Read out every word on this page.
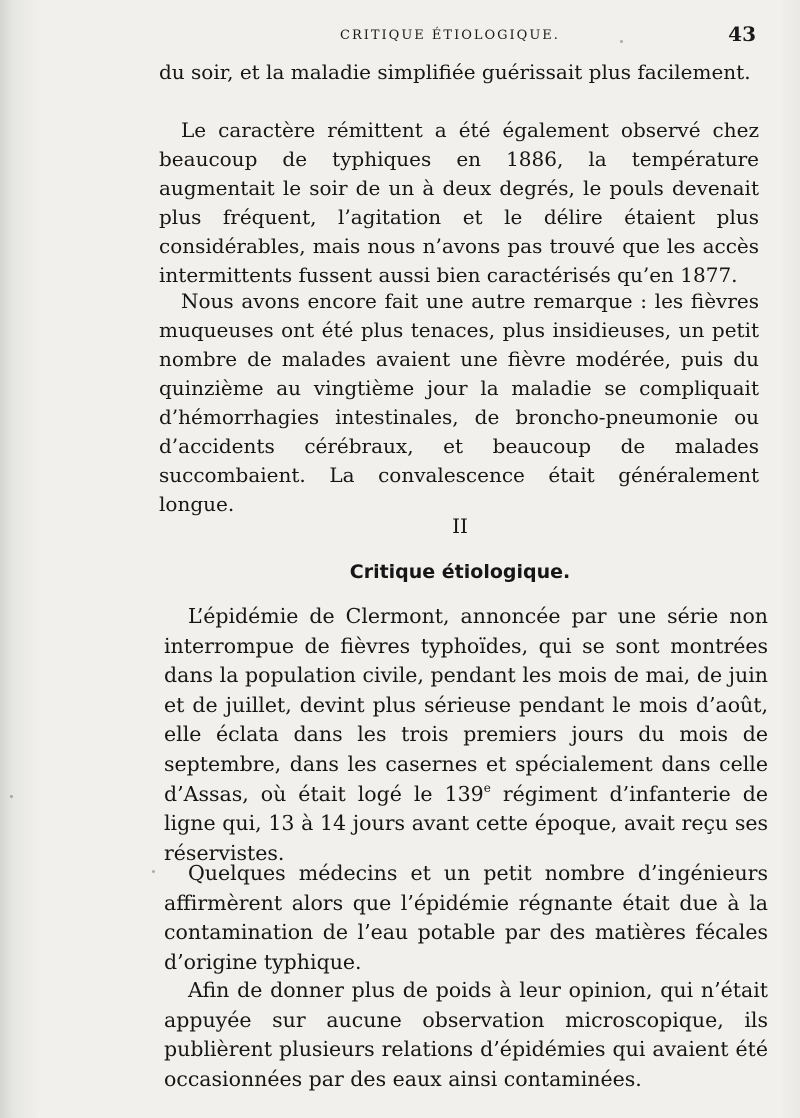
CRITIQUE ÉTIOLOGIQUE.	43

du soir, et la maladie simplifiée guérissait plus facilement.

Le caractère rémittent a été également observé chez beaucoup de typhiques en 1886, la température augmentait le soir de un à deux degrés, le pouls devenait plus fréquent, l’agitation et le délire étaient plus considérables, mais nous n’avons pas trouvé que les accès intermittents fussent aussi bien caractérisés qu’en 1877.

Nous avons encore fait une autre remarque : les fièvres muqueuses ont été plus tenaces, plus insidieuses, un petit nombre de malades avaient une fièvre modérée, puis du quinzième au vingtième jour la maladie se compliquait d’hémorrhagies intestinales, de broncho-pneumonie ou d’accidents cérébraux, et beaucoup de malades succombaient. La convalescence était généralement longue.

II
Critique étiologique.

L’épidémie de Clermont, annoncée par une série non interrompue de fièvres typhoïdes, qui se sont montrées dans la population civile, pendant les mois de mai, de juin et de juillet, devint plus sérieuse pendant le mois d’août, elle éclata dans les trois premiers jours du mois de septembre, dans les casernes et spécialement dans celle d’Assas, où était logé le 139e régiment d’infanterie de ligne qui, 13 à 14 jours avant cette époque, avait reçu ses réservistes.

Quelques médecins et un petit nombre d’ingénieurs affirmèrent alors que l’épidémie régnante était due à la contamination de l’eau potable par des matières fécales d’origine typhique.

Afin de donner plus de poids à leur opinion, qui n’était appuyée sur aucune observation microscopique, ils publièrent plusieurs relations d’épidémies qui avaient été occasionnées par des eaux ainsi contaminées.
